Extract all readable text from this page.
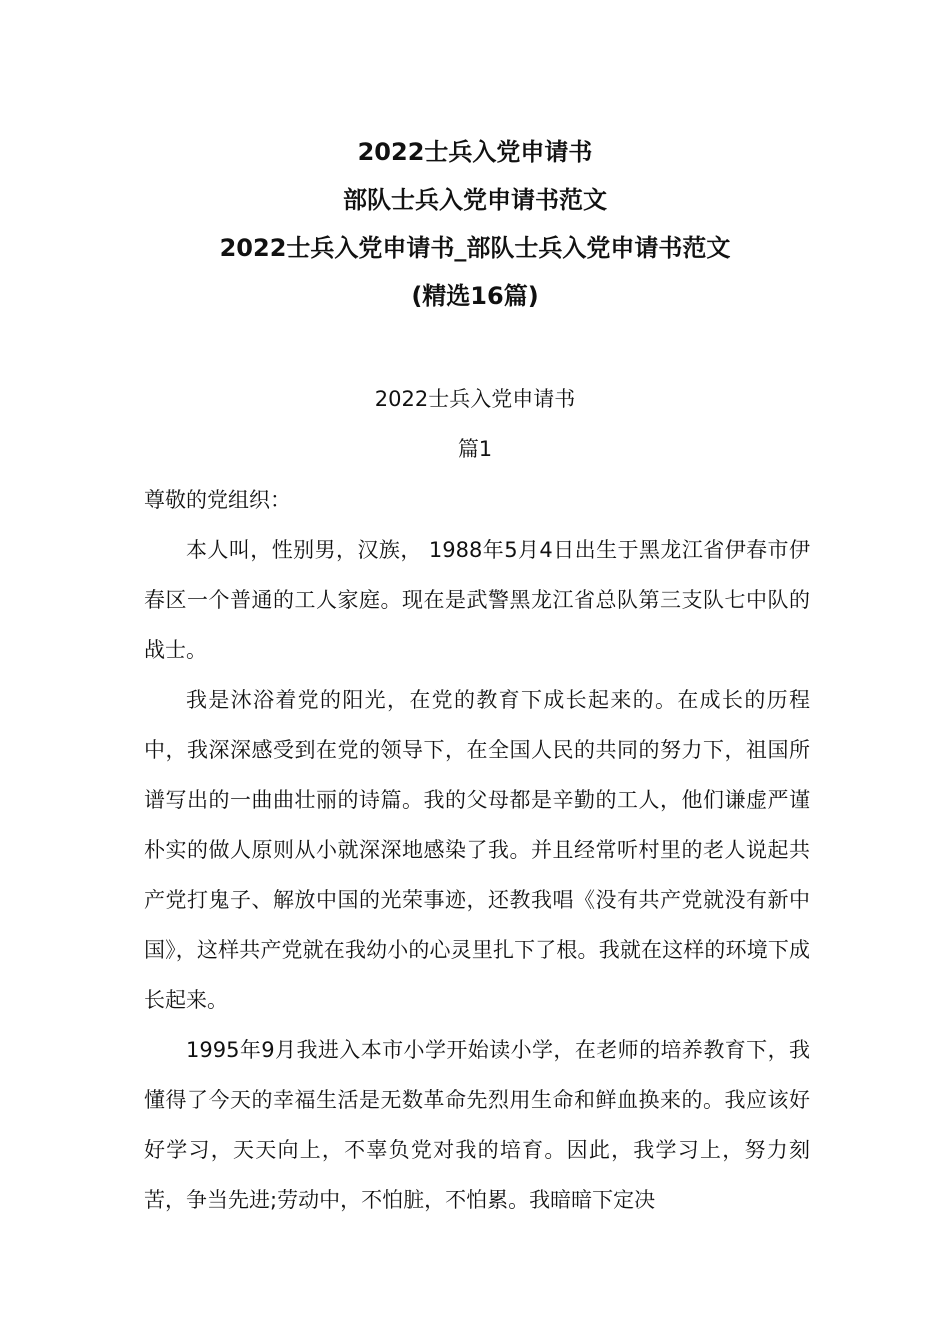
2022士兵入党申请书

部队士兵入党申请书范文

2022士兵入党申请书_部队士兵入党申请书范文

(精选16篇)

2022士兵入党申请书

篇1

尊敬的党组织：

本人叫，性别男，汉族， 1988年5月4日出生于黑龙江省伊春市伊春区一个普通的工人家庭。现在是武警黑龙江省总队第三支队七中队的战士。

我是沐浴着党的阳光，在党的教育下成长起来的。在成长的历程中，我深深感受到在党的领导下，在全国人民的共同的努力下，祖国所谱写出的一曲曲壮丽的诗篇。我的父母都是辛勤的工人，他们谦虚严谨朴实的做人原则从小就深深地感染了我。并且经常听村里的老人说起共产党打鬼子、解放中国的光荣事迹，还教我唱《没有共产党就没有新中国》，这样共产党就在我幼小的心灵里扎下了根。我就在这样的环境下成长起来。

1995年9月我进入本市小学开始读小学，在老师的培养教育下，我懂得了今天的幸福生活是无数革命先烈用生命和鲜血换来的。我应该好好学习，天天向上，不辜负党对我的培育。因此，我学习上，努力刻苦，争当先进;劳动中，不怕脏，不怕累。我暗暗下定决
